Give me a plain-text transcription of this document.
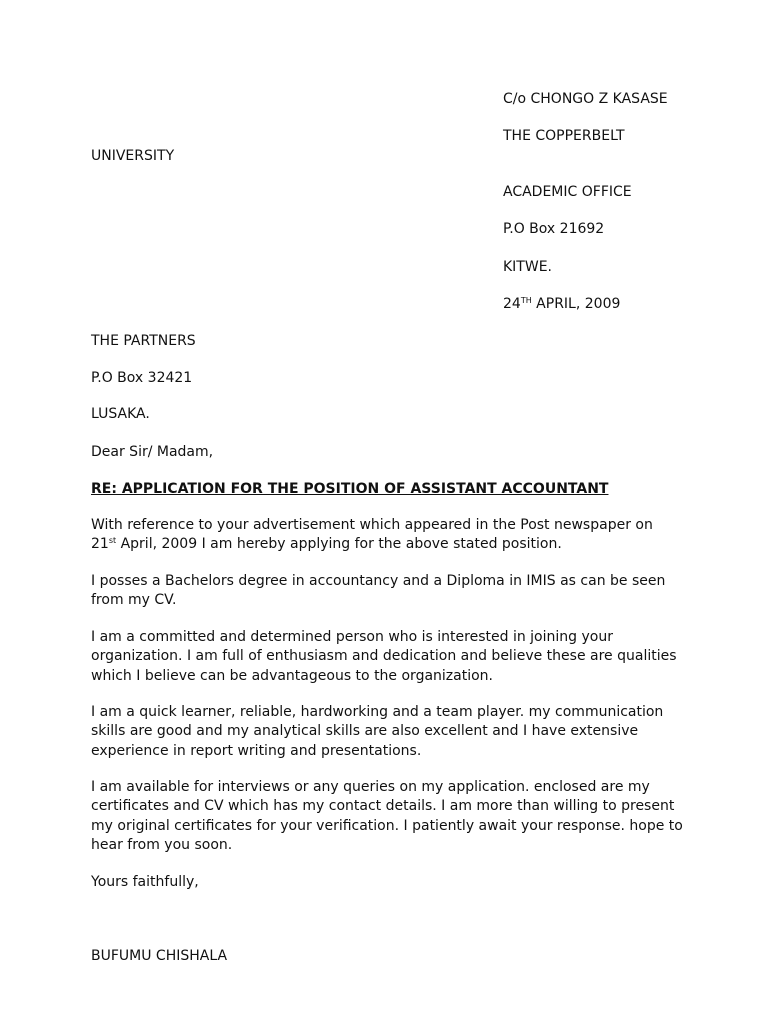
C/o CHONGO Z KASASE
THE COPPERBELT
UNIVERSITY
ACADEMIC OFFICE
P.O Box 21692
KITWE.
24TH APRIL, 2009
THE PARTNERS
P.O Box 32421
LUSAKA.
Dear Sir/ Madam,
RE: APPLICATION FOR THE POSITION OF ASSISTANT ACCOUNTANT
With reference to your advertisement which appeared in the Post newspaper on
21st April, 2009 I am hereby applying for the above stated position.
I posses a Bachelors degree in accountancy and a Diploma in IMIS as can be seen from my CV.
I am a committed and determined person who is interested in joining your organization. I am full of enthusiasm and dedication and believe these are qualities which I believe can be advantageous to the organization.
I am a quick learner, reliable, hardworking and a team player. my communication skills are good and my analytical skills are also excellent and I have extensive experience in report writing and presentations.
I am available for interviews or any queries on my application. enclosed are my certificates and CV which has my contact details. I am more than willing to present my original certificates for your verification. I patiently await your response. hope to hear from you soon.
Yours faithfully,
BUFUMU CHISHALA
